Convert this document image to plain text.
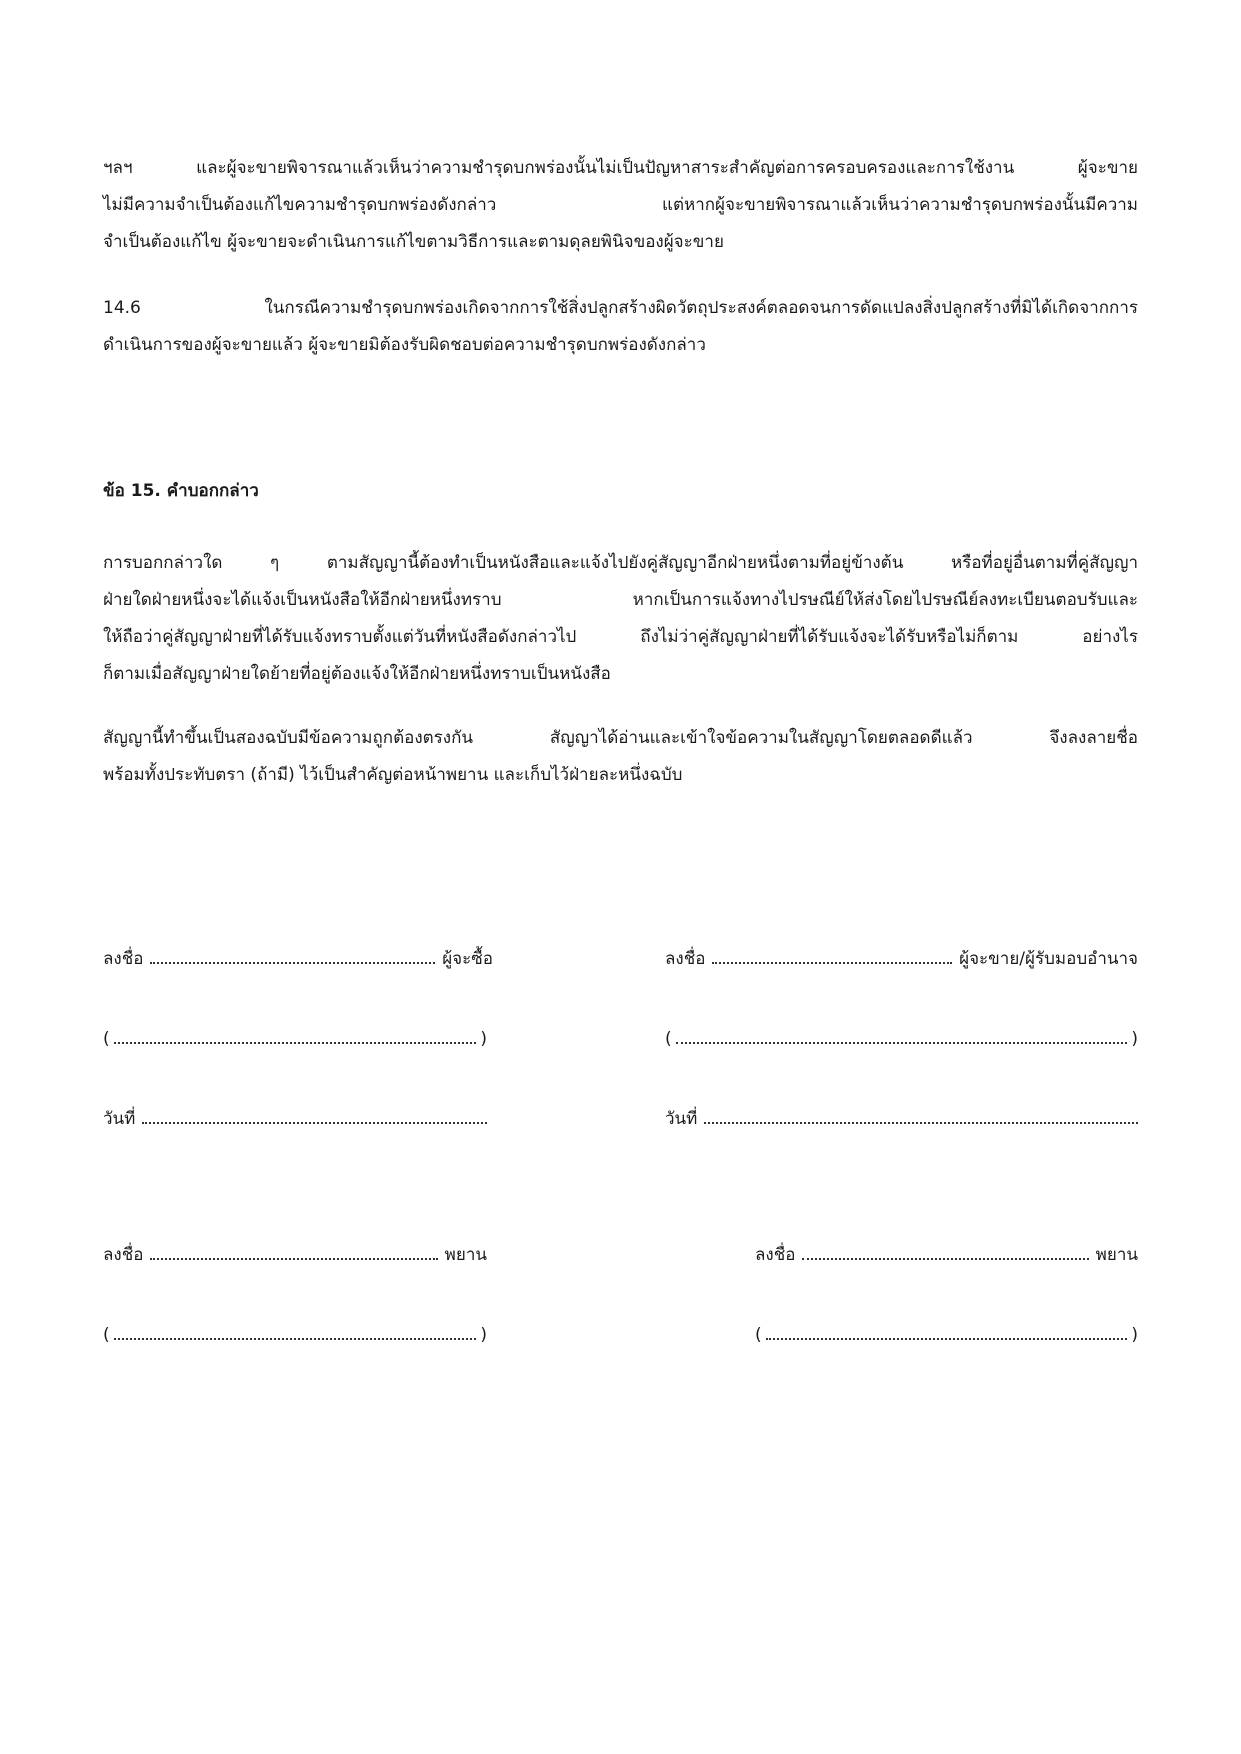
ฯลฯ และผู้จะขายพิจารณาแล้วเห็นว่าความชำรุดบกพร่องนั้นไม่เป็นปัญหาสาระสำคัญต่อการครอบครองและการใช้งาน ผู้จะขาย
ไม่มีความจำเป็นต้องแก้ไขความชำรุดบกพร่องดังกล่าว แต่หากผู้จะขายพิจารณาแล้วเห็นว่าความชำรุดบกพร่องนั้นมีความ
จำเป็นต้องแก้ไข ผู้จะขายจะดำเนินการแก้ไขตามวิธีการและตามดุลยพินิจของผู้จะขาย

14.6 ในกรณีความชำรุดบกพร่องเกิดจากการใช้สิ่งปลูกสร้างผิดวัตถุประสงค์ตลอดจนการดัดแปลงสิ่งปลูกสร้างที่มิได้เกิดจากการ
ดำเนินการของผู้จะขายแล้ว ผู้จะขายมิต้องรับผิดชอบต่อความชำรุดบกพร่องดังกล่าว

ข้อ 15. คำบอกกล่าว

การบอกกล่าวใด ๆ ตามสัญญานี้ต้องทำเป็นหนังสือและแจ้งไปยังคู่สัญญาอีกฝ่ายหนึ่งตามที่อยู่ข้างต้น หรือที่อยู่อื่นตามที่คู่สัญญา
ฝ่ายใดฝ่ายหนึ่งจะได้แจ้งเป็นหนังสือให้อีกฝ่ายหนึ่งทราบ หากเป็นการแจ้งทางไปรษณีย์ให้ส่งโดยไปรษณีย์ลงทะเบียนตอบรับและ
ให้ถือว่าคู่สัญญาฝ่ายที่ได้รับแจ้งทราบตั้งแต่วันที่หนังสือดังกล่าวไป ถึงไม่ว่าคู่สัญญาฝ่ายที่ได้รับแจ้งจะได้รับหรือไม่ก็ตาม อย่างไร
ก็ตามเมื่อสัญญาฝ่ายใดย้ายที่อยู่ต้องแจ้งให้อีกฝ่ายหนึ่งทราบเป็นหนังสือ

สัญญานี้ทำขึ้นเป็นสองฉบับมีข้อความถูกต้องตรงกัน สัญญาได้อ่านและเข้าใจข้อความในสัญญาโดยตลอดดีแล้ว จึงลงลายชื่อ
พร้อมทั้งประทับตรา (ถ้ามี) ไว้เป็นสำคัญต่อหน้าพยาน และเก็บไว้ฝ่ายละหนึ่งฉบับ

ลงชื่อ	ผู้จะซื้อ
(	)
วันที่
ลงชื่อ	ผู้จะขาย/ผู้รับมอบอำนาจ
(	)
วันที่
ลงชื่อ	พยาน
(	)
ลงชื่อ	พยาน
(	)
